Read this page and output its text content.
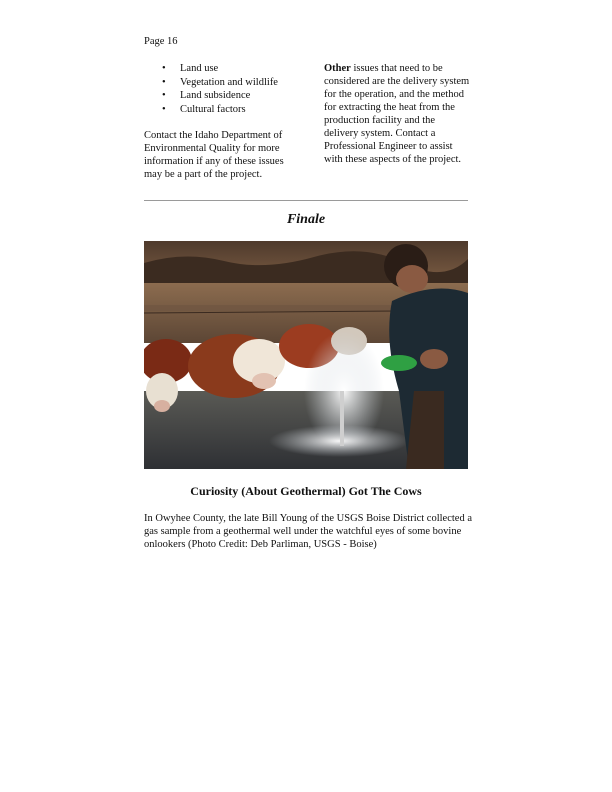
Page 16
• Land use
• Vegetation and wildlife
• Land subsidence
• Cultural factors

Contact the Idaho Department of Environmental Quality for more information if any of these issues may be a part of the project.

Other issues that need to be considered are the delivery system for the operation, and the method for extracting the heat from the production facility and the delivery system. Contact a Professional Engineer to assist with these aspects of the project.

Finale
Curiosity (About Geothermal) Got The Cows
In Owyhee County, the late Bill Young of the USGS Boise District collected a gas sample from a geothermal well under the watchful eyes of some bovine onlookers (Photo Credit: Deb Parliman, USGS - Boise)
